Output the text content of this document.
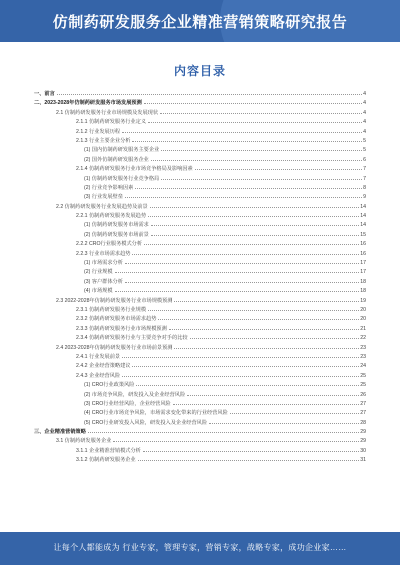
仿制药研发服务企业精准营销策略研究报告
内容目录
一、前言	4
二、2023-2028年仿制药研发服务市场发展预测	4
2.1 仿制药研发服务行业市场规模及发展现状	4
2.1.1 仿制药研发服务行业定义	4
2.1.2 行业发展历程	4
2.1.3 行业主要企业分析	5
(1) 国内仿制药研发服务主要企业	5
(2) 国外仿制药研发服务企业	6
2.1.4 仿制药研发服务行业市场竞争格局及影响因素	7
(1) 仿制药研发服务行业竞争格局	7
(2) 行业竞争影响因素	8
(3) 行业发展壁垒	9
2.2 仿制药研发服务行业发展趋势及前景	14
2.2.1 仿制药研发服务发展趋势	14
(1) 仿制药研发服务市场需求	14
(2) 仿制药研发服务市场前景	15
2.2.2 CRO行业服务模式分析	16
2.2.3 行业市场需求趋势	16
(1) 市场需求分析	17
(2) 行业规模	17
(3) 客户群体分析	18
(4) 市场规模	18
2.3 2022-2028年仿制药研发服务行业市场规模预测	19
2.3.1 仿制药研发服务行业规模	20
2.3.2 仿制药研发服务市场需求趋势	20
2.3.3 仿制药研发服务行业市场规模预测	21
2.3.4 仿制药研发服务行业与主要竞争对手的比较	22
2.4 2023-2028年仿制药研发服务行业市场前景预测	23
2.4.1 行业发展前景	23
2.4.2 企业经营策略建议	24
2.4.3 企业经营风险	25
(1) CRO行业政策风险	25
(2) 市场竞争风险，研发投入及企业经营风险	26
(3) CRO行业经营风险，企业经营风险	27
(4) CRO行业市场竞争风险，市场需求变化带来的行业经营风险	27
(5) CRO行业研发投入风险，研发投入及企业经营风险	28
三、企业精准营销策略	29
3.1 仿制药研发服务企业	29
3.1.1 企业精准营销模式分析	30
3.1.2 仿制药研发服务企业	31
让每个人都能成为 行业专家，管理专家，营销专家，战略专家，成功企业家……
